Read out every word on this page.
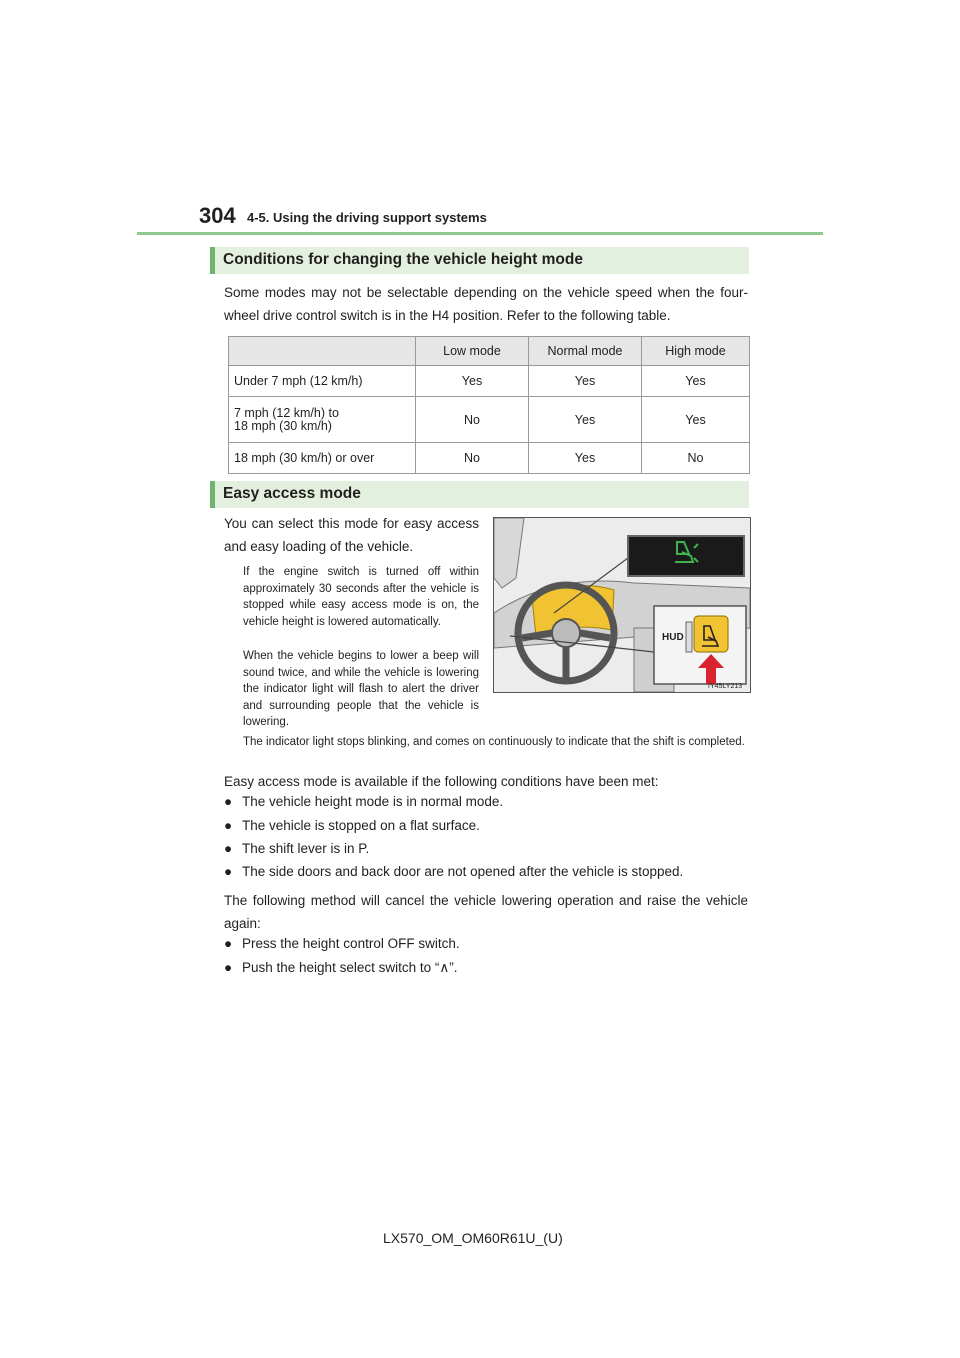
304 4-5. Using the driving support systems
Conditions for changing the vehicle height mode
Some modes may not be selectable depending on the vehicle speed when the four-wheel drive control switch is in the H4 position. Refer to the following table.
	Low mode	Normal mode	High mode
Under 7 mph (12 km/h)	Yes	Yes	Yes
7 mph (12 km/h) to
18 mph (30 km/h)	No	Yes	Yes
18 mph (30 km/h) or over	No	Yes	No
Easy access mode
You can select this mode for easy access and easy loading of the vehicle.
If the engine switch is turned off within approximately 30 seconds after the vehicle is stopped while easy access mode is on, the vehicle height is lowered automatically.
When the vehicle begins to lower a beep will sound twice, and while the vehicle is lowering the indicator light will flash to alert the driver and surrounding people that the vehicle is lowering.
The indicator light stops blinking, and comes on continuously to indicate that the shift is completed.
HUD
IY45LY213
Easy access mode is available if the following conditions have been met:
● The vehicle height mode is in normal mode.
● The vehicle is stopped on a flat surface.
● The shift lever is in P.
● The side doors and back door are not opened after the vehicle is stopped.
The following method will cancel the vehicle lowering operation and raise the vehicle again:
● Press the height control OFF switch.
● Push the height select switch to “∧”.
LX570_OM_OM60R61U_(U)
